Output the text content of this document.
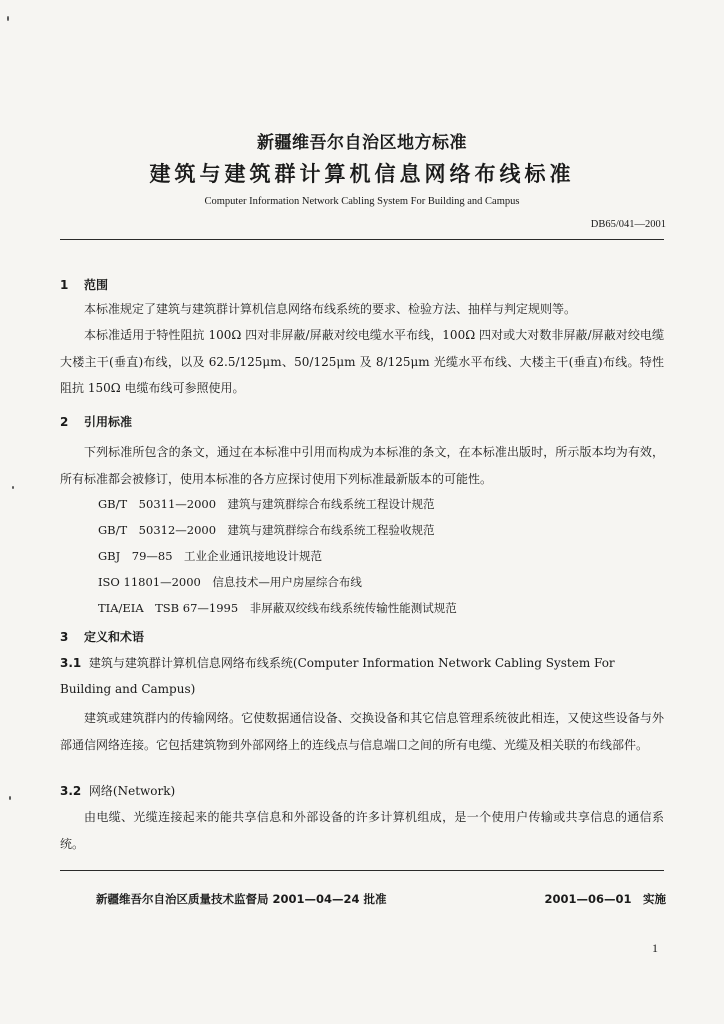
新疆维吾尔自治区地方标准
建筑与建筑群计算机信息网络布线标准
Computer Information Network Cabling System For Building and Campus
DB65/041—2001
1 范围
本标准规定了建筑与建筑群计算机信息网络布线系统的要求、检验方法、抽样与判定规则等。
本标准适用于特性阻抗 100Ω 四对非屏蔽/屏蔽对绞电缆水平布线，100Ω 四对或大对数非屏蔽/屏蔽对绞电缆大楼主干(垂直)布线，以及 62.5/125μm、50/125μm 及 8/125μm 光缆水平布线、大楼主干(垂直)布线。特性阻抗 150Ω 电缆布线可参照使用。
2 引用标准
下列标准所包含的条文，通过在本标准中引用而构成为本标准的条文，在本标准出版时，所示版本均为有效，所有标准都会被修订，使用本标准的各方应探讨使用下列标准最新版本的可能性。
GB/T　50311—2000　建筑与建筑群综合布线系统工程设计规范
GB/T　50312—2000　建筑与建筑群综合布线系统工程验收规范
GBJ　79—85　工业企业通讯接地设计规范
ISO 11801—2000　信息技术—用户房屋综合布线
TIA/EIA　TSB 67—1995　非屏蔽双绞线布线系统传输性能测试规范
3 定义和术语
3.1 建筑与建筑群计算机信息网络布线系统(Computer Information Network Cabling System For Building and Campus)
建筑或建筑群内的传输网络。它使数据通信设备、交换设备和其它信息管理系统彼此相连，又使这些设备与外部通信网络连接。它包括建筑物到外部网络上的连线点与信息端口之间的所有电缆、光缆及相关联的布线部件。
3.2 网络(Network)
由电缆、光缆连接起来的能共享信息和外部设备的许多计算机组成，是一个使用户传输或共享信息的通信系统。
新疆维吾尔自治区质量技术监督局 2001—04—24 批准	2001—06—01　实施
1
